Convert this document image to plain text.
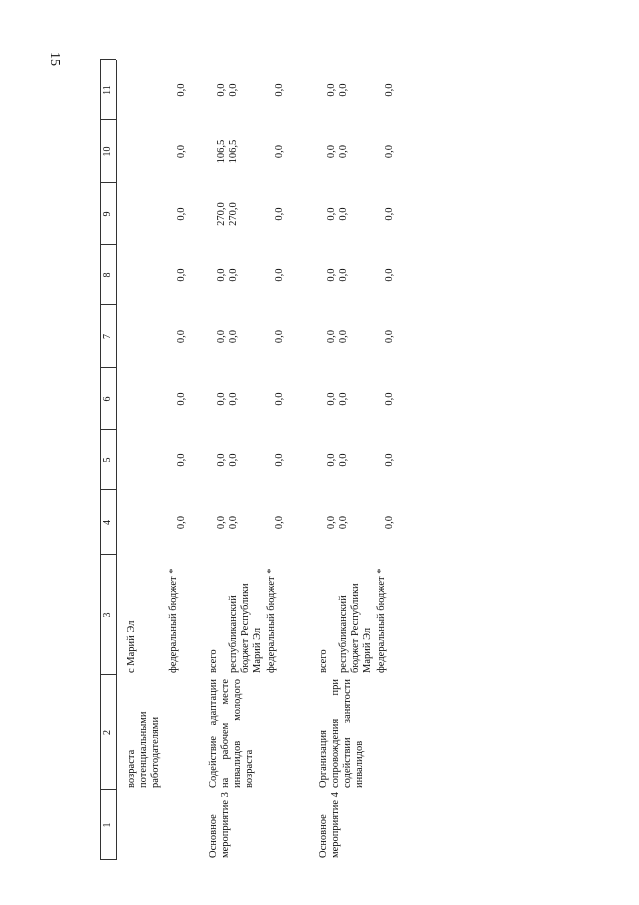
15
1
2
3
4
5
6
7
8
9
10
11
возраста потенциальными работодателями
с Марий Эл	федеральный бюджет *
0,0
0,0
0,0
0,0
0,0
0,0
0,0
0,0
Основное мероприятие 3
Содействие адаптации на рабочем месте инвалидов молодого возраста
всего
0,0
0,0
0,0
0,0
0,0
270,0
106,5
0,0
республиканский бюджет Республики Марий Эл
0,0
0,0
0,0
0,0
0,0
270,0
106,5
0,0
федеральный бюджет *
0,0
0,0
0,0
0,0
0,0
0,0
0,0
0,0
Основное мероприятие 4
Организация сопровождения при содействии занятости инвалидов
всего
0,0
0,0
0,0
0,0
0,0
0,0
0,0
0,0
республиканский бюджет Республики Марий Эл
0,0
0,0
0,0
0,0
0,0
0,0
0,0
0,0
федеральный бюджет *
0,0
0,0
0,0
0,0
0,0
0,0
0,0
0,0
